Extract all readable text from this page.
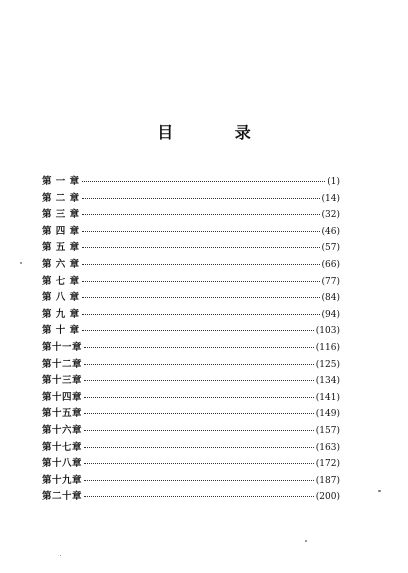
目 录
第 一 章	(1)
第 二 章	(14)
第 三 章	(32)
第 四 章	(46)
第 五 章	(57)
第 六 章	(66)
第 七 章	(77)
第 八 章	(84)
第 九 章	(94)
第 十 章	(103)
第十一章	(116)
第十二章	(125)
第十三章	(134)
第十四章	(141)
第十五章	(149)
第十六章	(157)
第十七章	(163)
第十八章	(172)
第十九章	(187)
第二十章	(200)
